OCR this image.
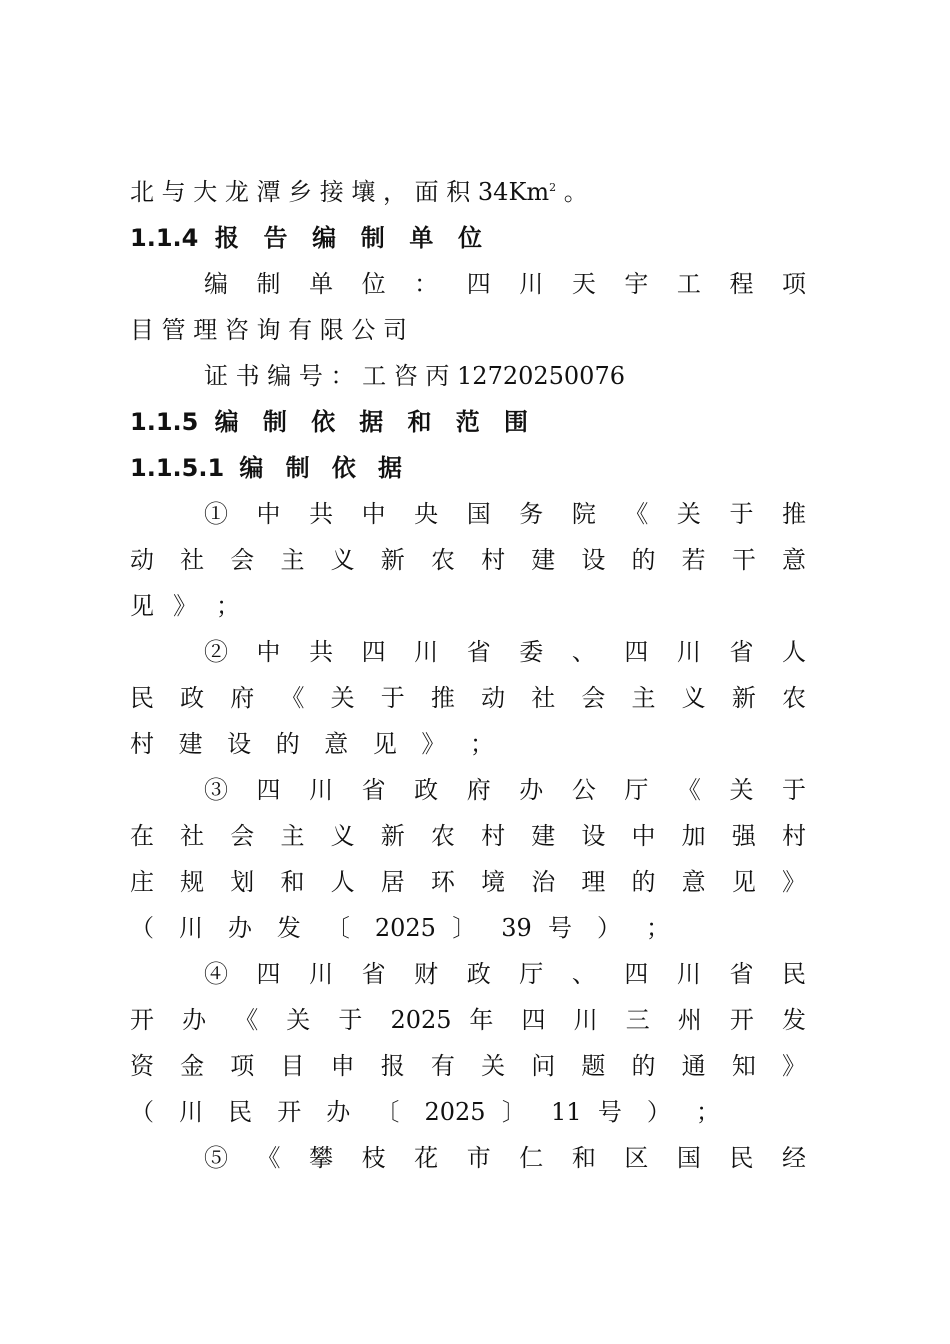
北 与 大 龙 潭 乡 接 壤 ， 面 积 34Km$^2$ 。
1.1.4 报 告 编 制 单 位
编 制 单 位 ： 四 川 天 宇 工 程 项
目 管 理 咨 询 有 限 公 司
证 书 编 号 ： 工 咨 丙 12720250076
1.1.5 编 制 依 据 和 范 围
1.1.5.1 编 制 依 据
① 中 共 中 央 国 务 院 《 关 于 推
动 社 会 主 义 新 农 村 建 设 的 若 干 意
见 》 ；
② 中 共 四 川 省 委 、 四 川 省 人
民 政 府 《 关 于 推 动 社 会 主 义 新 农
村 建 设 的 意 见 》 ；
③ 四 川 省 政 府 办 公 厅 《 关 于
在 社 会 主 义 新 农 村 建 设 中 加 强 村
庄 规 划 和 人 居 环 境 治 理 的 意 见 》
（ 川 办 发 〔 2025 〕 39 号 ） ；
④ 四 川 省 财 政 厅 、 四 川 省 民
开 办 《 关 于 2025 年 四 川 三 州 开 发
资 金 项 目 申 报 有 关 问 题 的 通 知 》
（ 川 民 开 办 〔 2025 〕 11 号 ） ；
⑤ 《 攀 枝 花 市 仁 和 区 国 民 经
